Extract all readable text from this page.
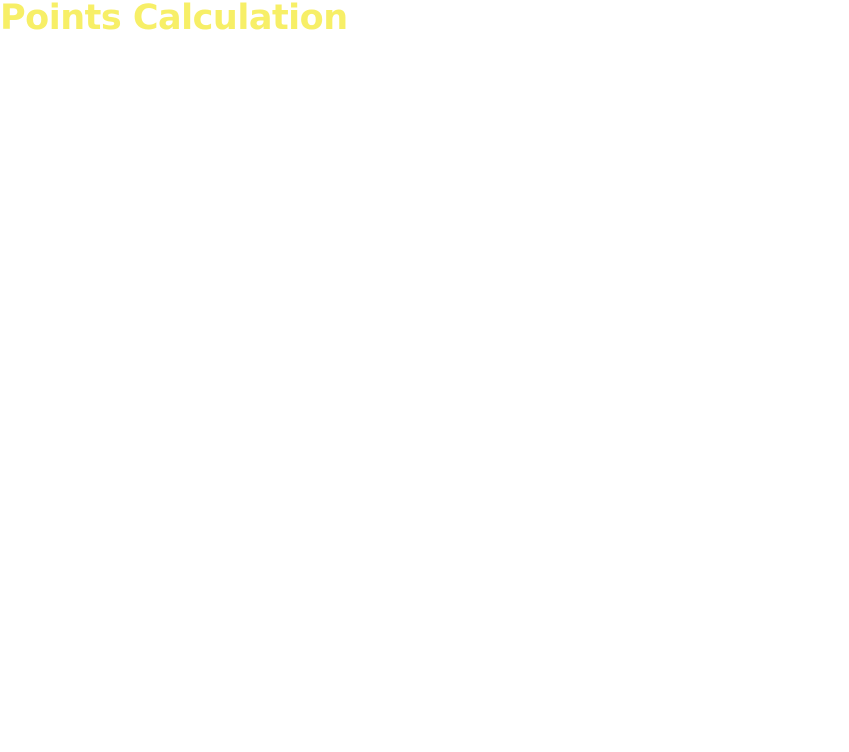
Points Calculation
